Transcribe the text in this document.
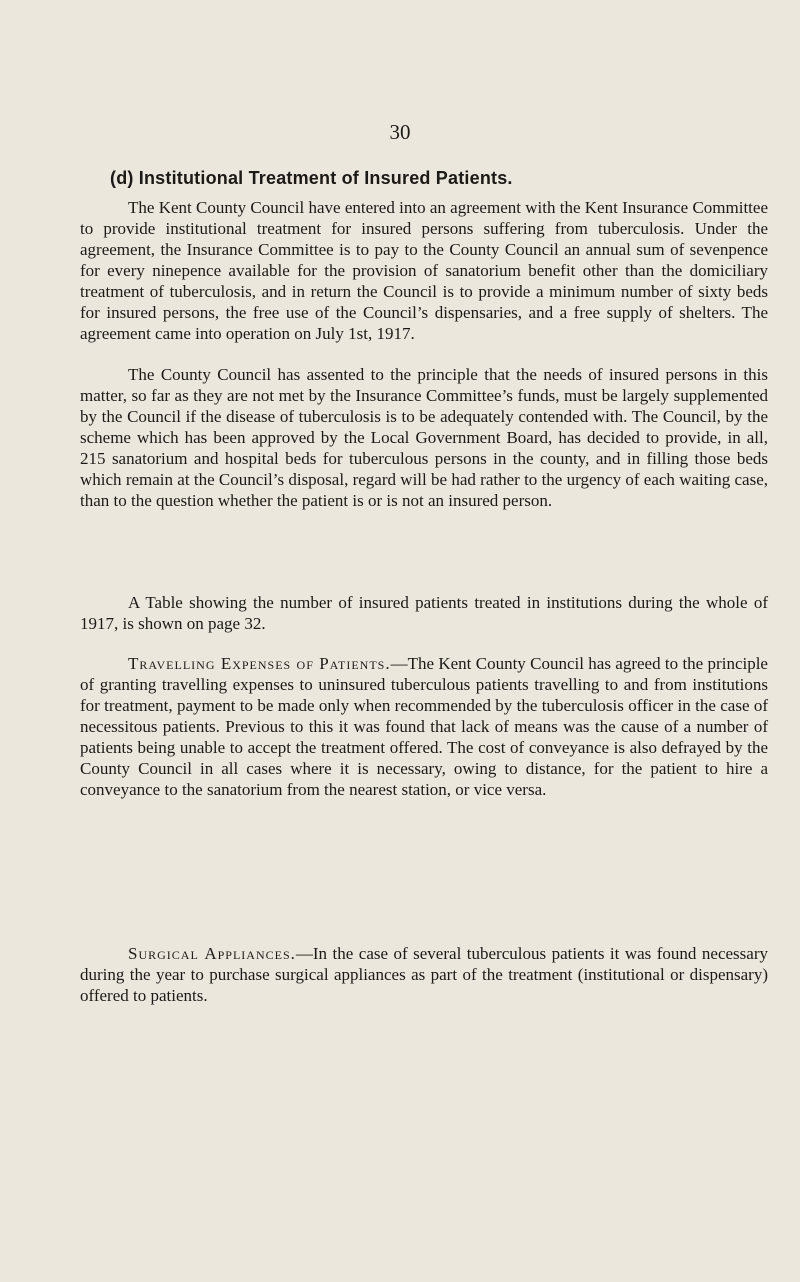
30
(d) Institutional Treatment of Insured Patients.

The Kent County Council have entered into an agreement with the Kent Insurance Committee to provide institutional treatment for insured persons suffering from tuberculosis. Under the agreement, the Insurance Committee is to pay to the County Council an annual sum of sevenpence for every ninepence available for the provision of sanatorium benefit other than the domiciliary treatment of tuberculosis, and in return the Council is to provide a minimum number of sixty beds for insured persons, the free use of the Council’s dispensaries, and a free supply of shelters. The agreement came into operation on July 1st, 1917.

The County Council has assented to the principle that the needs of insured persons in this matter, so far as they are not met by the Insurance Committee’s funds, must be largely supplemented by the Council if the disease of tuberculosis is to be adequately contended with. The Council, by the scheme which has been approved by the Local Government Board, has decided to provide, in all, 215 sanatorium and hospital beds for tuberculous persons in the county, and in filling those beds which remain at the Council’s disposal, regard will be had rather to the urgency of each waiting case, than to the question whether the patient is or is not an insured person.

A Table showing the number of insured patients treated in institutions during the whole of 1917, is shown on page 32.

Travelling Expenses of Patients.—The Kent County Council has agreed to the principle of granting travelling expenses to uninsured tuberculous patients travelling to and from institutions for treatment, payment to be made only when recommended by the tuberculosis officer in the case of necessitous patients. Previous to this it was found that lack of means was the cause of a number of patients being unable to accept the treatment offered. The cost of conveyance is also defrayed by the County Council in all cases where it is necessary, owing to distance, for the patient to hire a conveyance to the sanatorium from the nearest station, or vice versa.

Surgical Appliances.—In the case of several tuberculous patients it was found necessary during the year to purchase surgical appliances as part of the treatment (institutional or dispensary) offered to patients.
